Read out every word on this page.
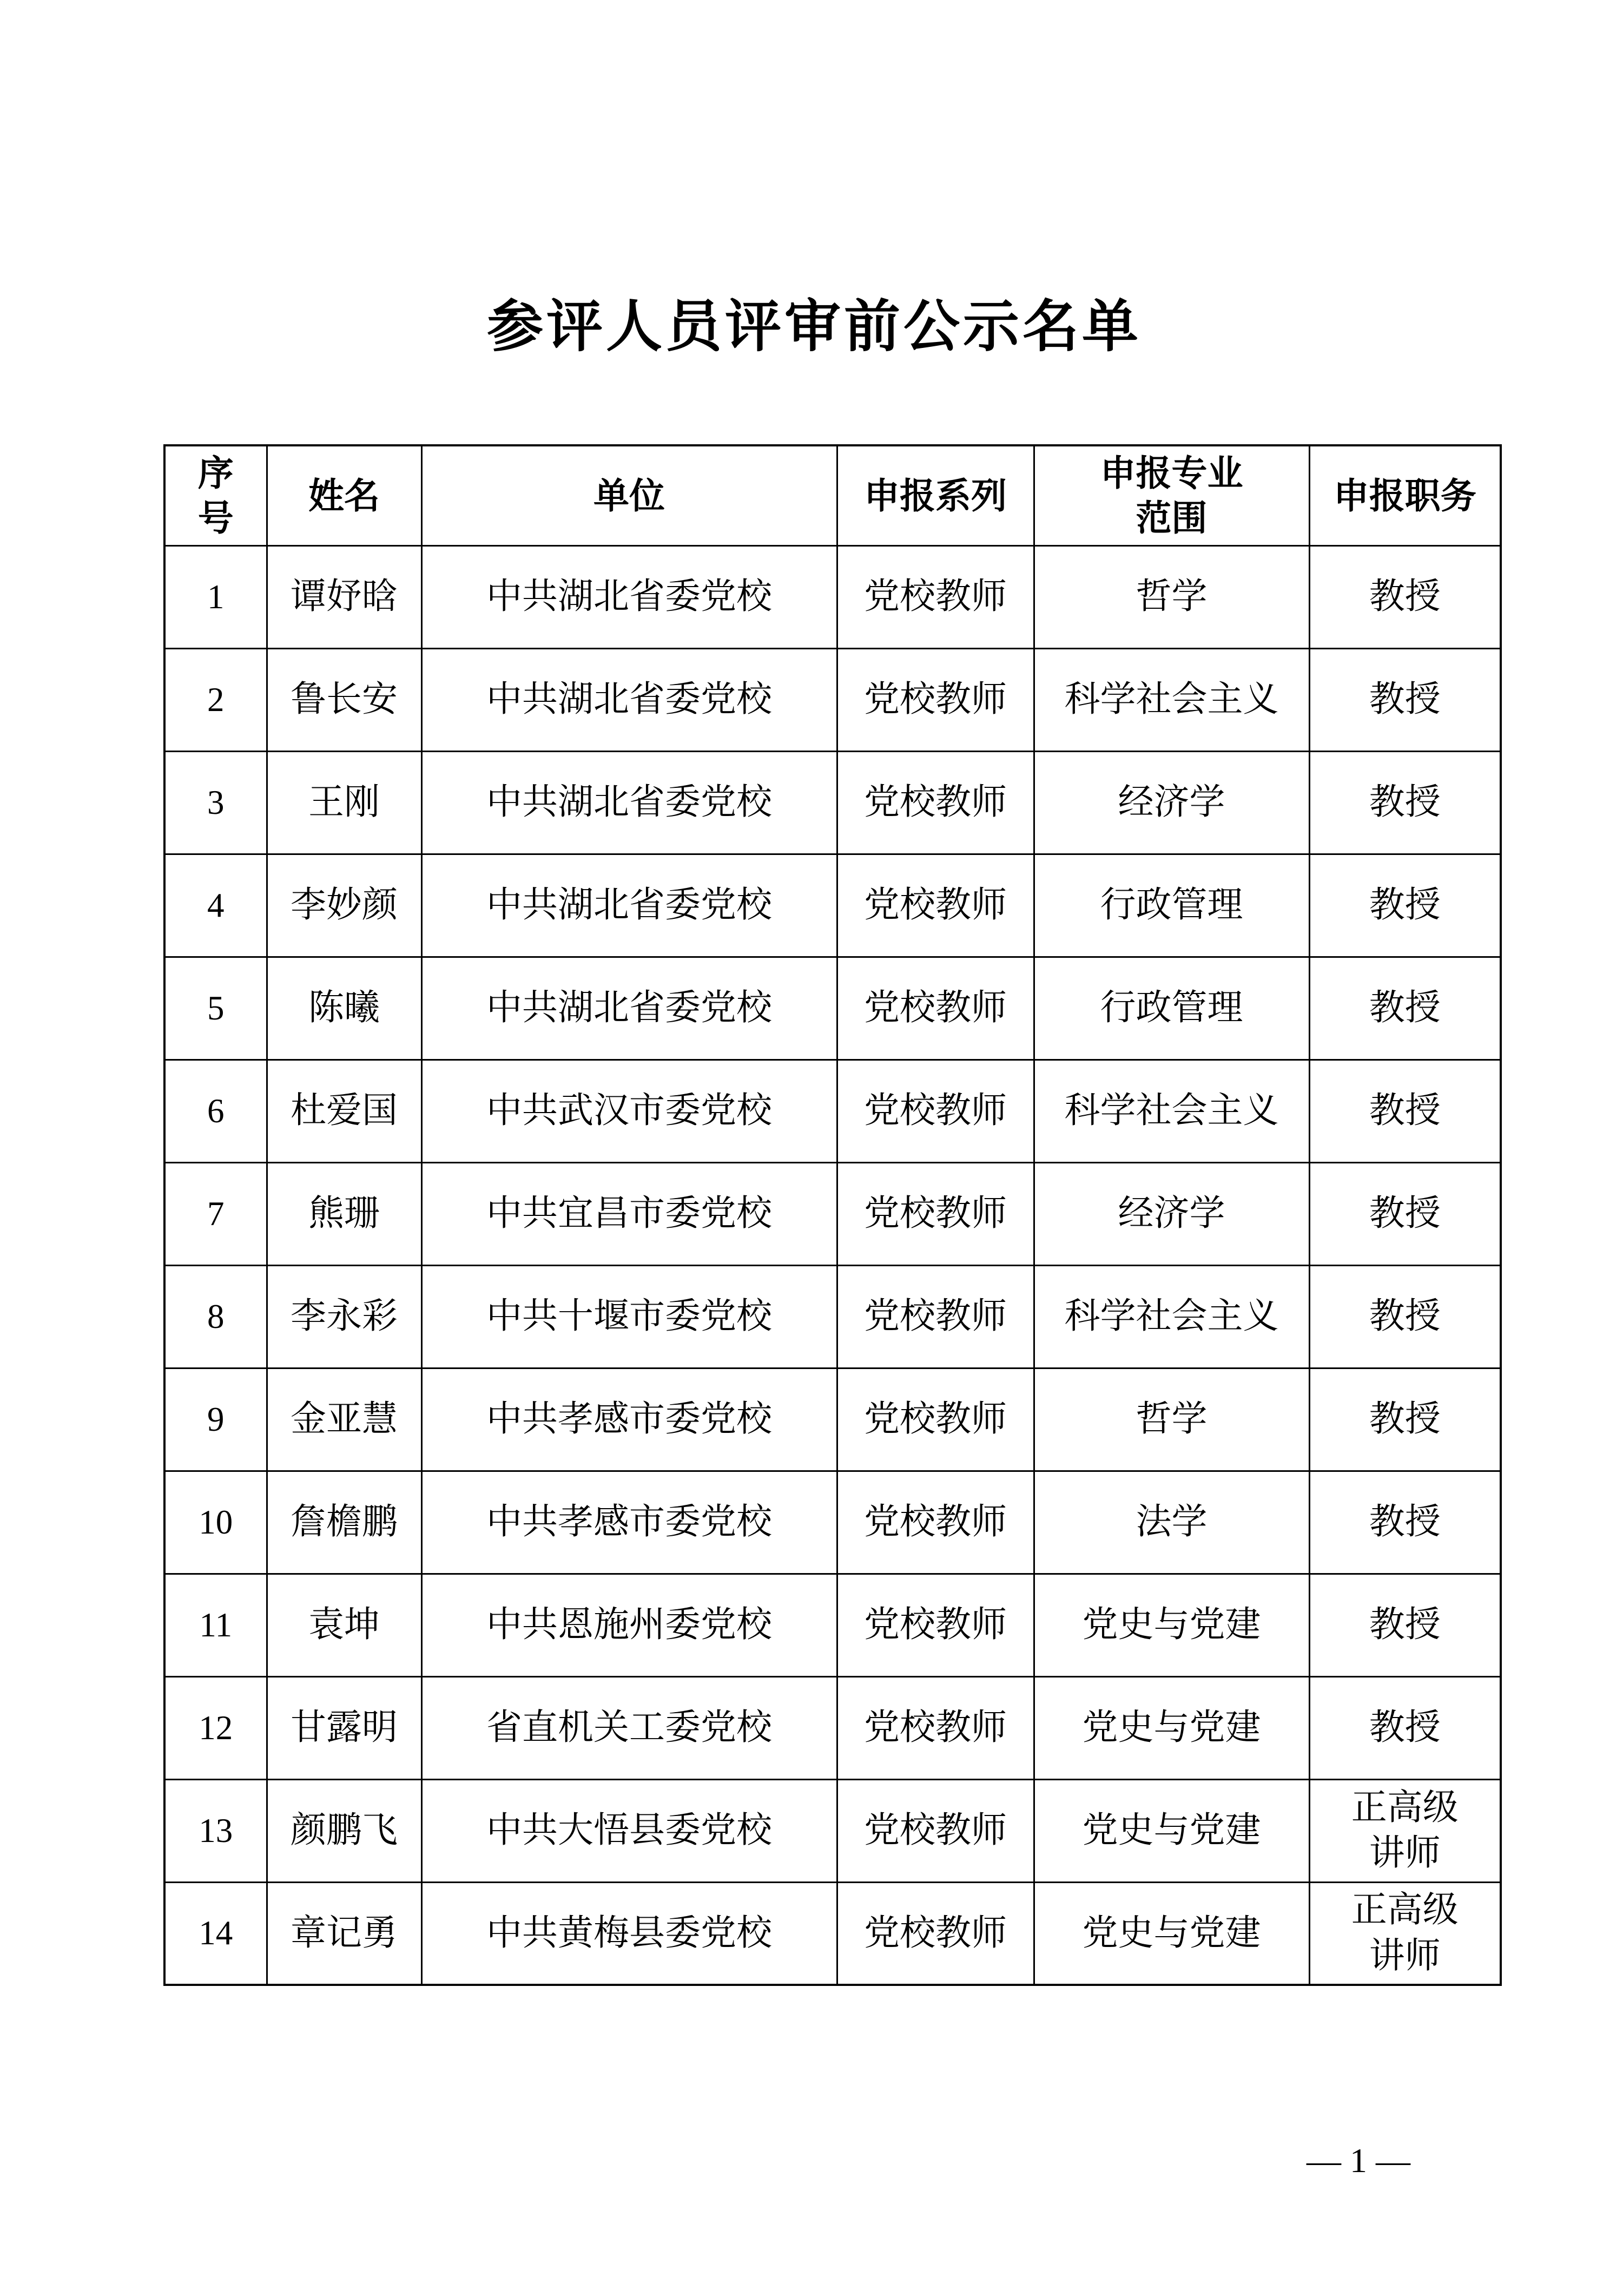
参评人员评审前公示名单
序号	姓名	单位	申报系列	申报专业范围	申报职务
1	谭妤晗	中共湖北省委党校	党校教师	哲学	教授
2	鲁长安	中共湖北省委党校	党校教师	科学社会主义	教授
3	王刚	中共湖北省委党校	党校教师	经济学	教授
4	李妙颜	中共湖北省委党校	党校教师	行政管理	教授
5	陈曦	中共湖北省委党校	党校教师	行政管理	教授
6	杜爱国	中共武汉市委党校	党校教师	科学社会主义	教授
7	熊珊	中共宜昌市委党校	党校教师	经济学	教授
8	李永彩	中共十堰市委党校	党校教师	科学社会主义	教授
9	金亚慧	中共孝感市委党校	党校教师	哲学	教授
10	詹檐鹏	中共孝感市委党校	党校教师	法学	教授
11	袁坤	中共恩施州委党校	党校教师	党史与党建	教授
12	甘露明	省直机关工委党校	党校教师	党史与党建	教授
13	颜鹏飞	中共大悟县委党校	党校教师	党史与党建	正高级讲师
14	章记勇	中共黄梅县委党校	党校教师	党史与党建	正高级讲师
— 1 —
